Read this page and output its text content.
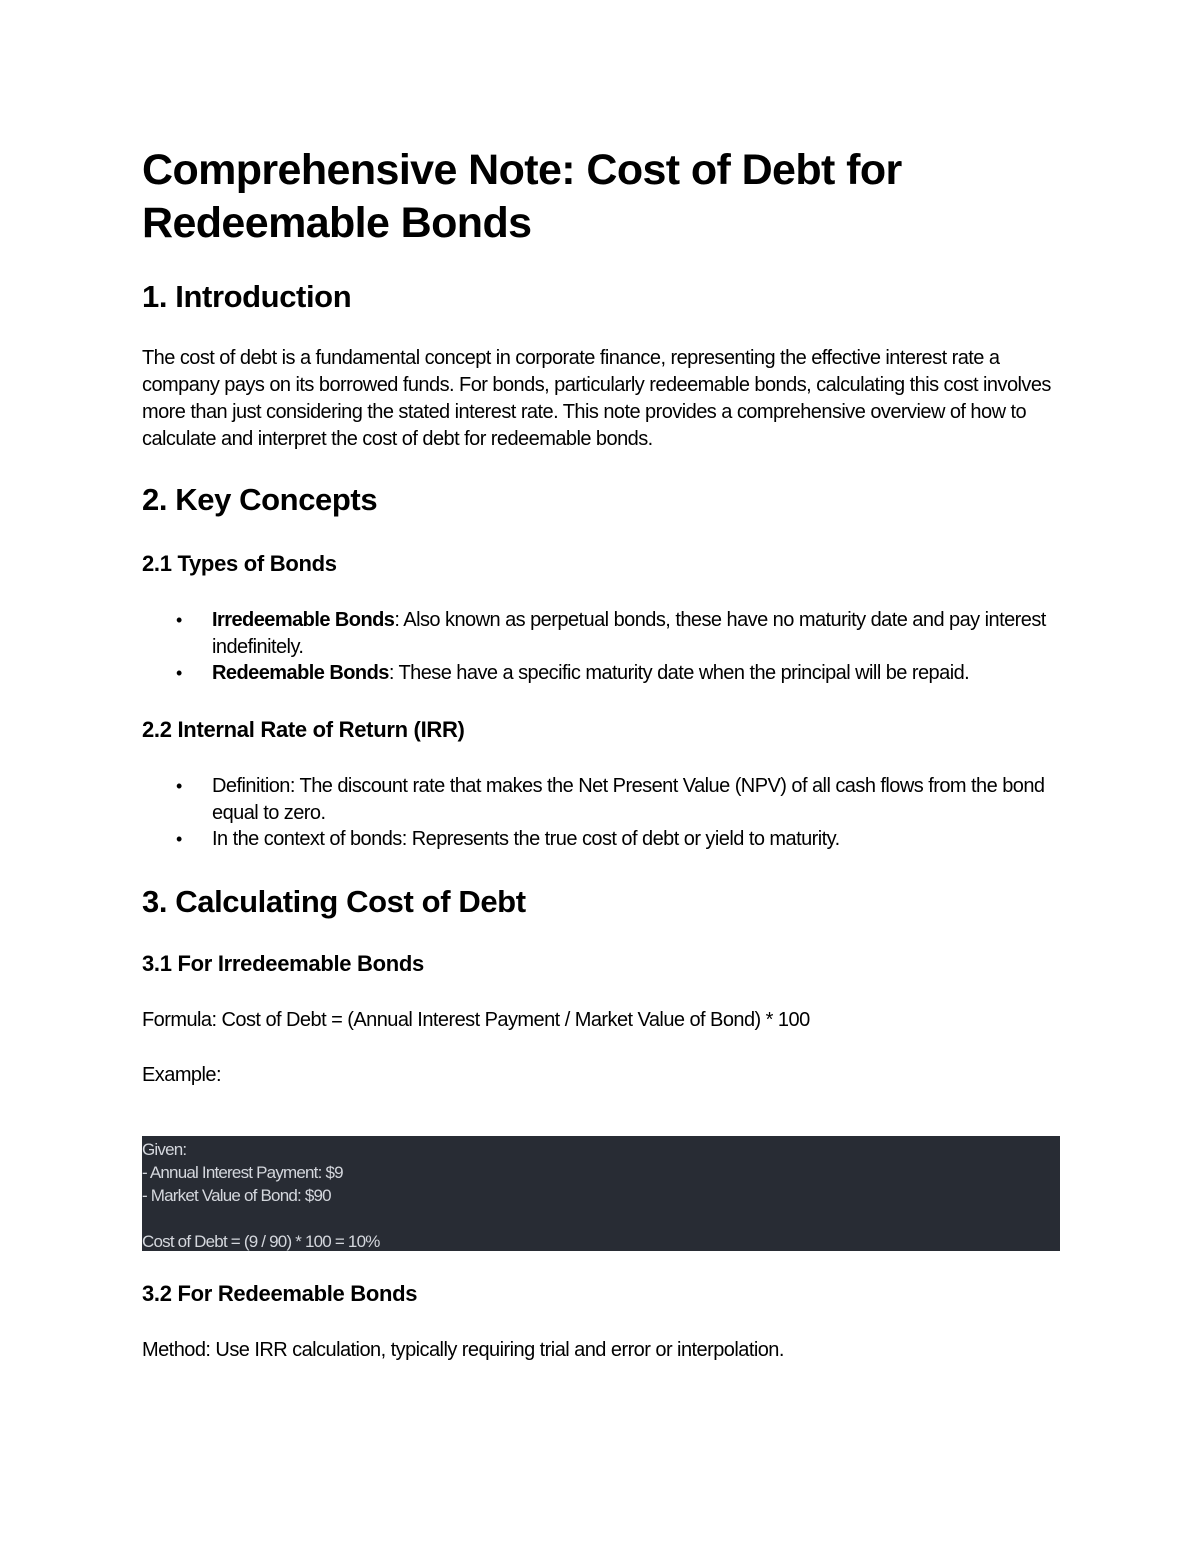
Comprehensive Note: Cost of Debt for
Redeemable Bonds
1. Introduction

The cost of debt is a fundamental concept in corporate finance, representing the effective interest rate a company pays on its borrowed funds. For bonds, particularly redeemable bonds, calculating this cost involves more than just considering the stated interest rate. This note provides a comprehensive overview of how to calculate and interpret the cost of debt for redeemable bonds.

2. Key Concepts
2.1 Types of Bonds
• Irredeemable Bonds: Also known as perpetual bonds, these have no maturity date and pay interest indefinitely.
• Redeemable Bonds: These have a specific maturity date when the principal will be repaid.
2.2 Internal Rate of Return (IRR)
• Definition: The discount rate that makes the Net Present Value (NPV) of all cash flows from the bond equal to zero.
• In the context of bonds: Represents the true cost of debt or yield to maturity.
3. Calculating Cost of Debt
3.1 For Irredeemable Bonds

Formula: Cost of Debt = (Annual Interest Payment / Market Value of Bond) * 100

Example:

Given:
- Annual Interest Payment: $9
- Market Value of Bond: $90
Cost of Debt = (9 / 90) * 100 = 10%
3.2 For Redeemable Bonds

Method: Use IRR calculation, typically requiring trial and error or interpolation.
